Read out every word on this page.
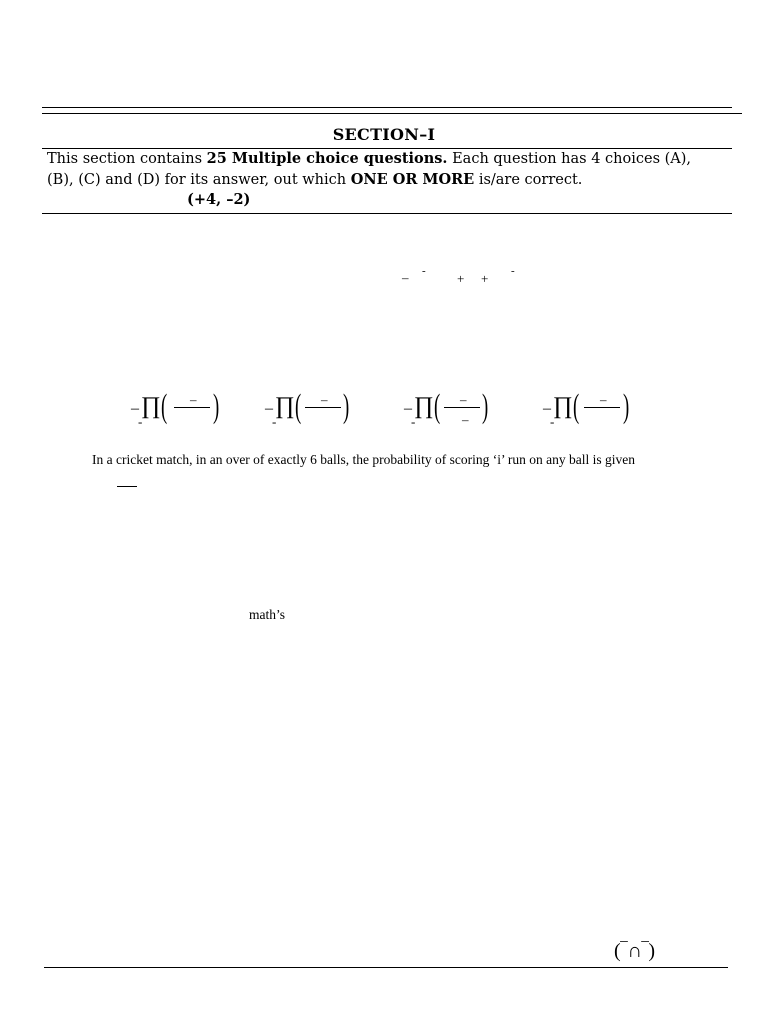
SECTION–I
This section contains 25 Multiple choice questions. Each question has 4 choices (A),
(B), (C) and (D) for its answer, out which ONE OR MORE is/are correct.
(+4, –2)
– - + + -
– ∏
- ( – )	– ∏
- ( – )	– ∏
- ( –
– )	– ∏
- ( – )
In a cricket match, in an over of exactly 6 balls, the probability of scoring ‘i’ run on any ball is given
math’s
(‾∩‾)
